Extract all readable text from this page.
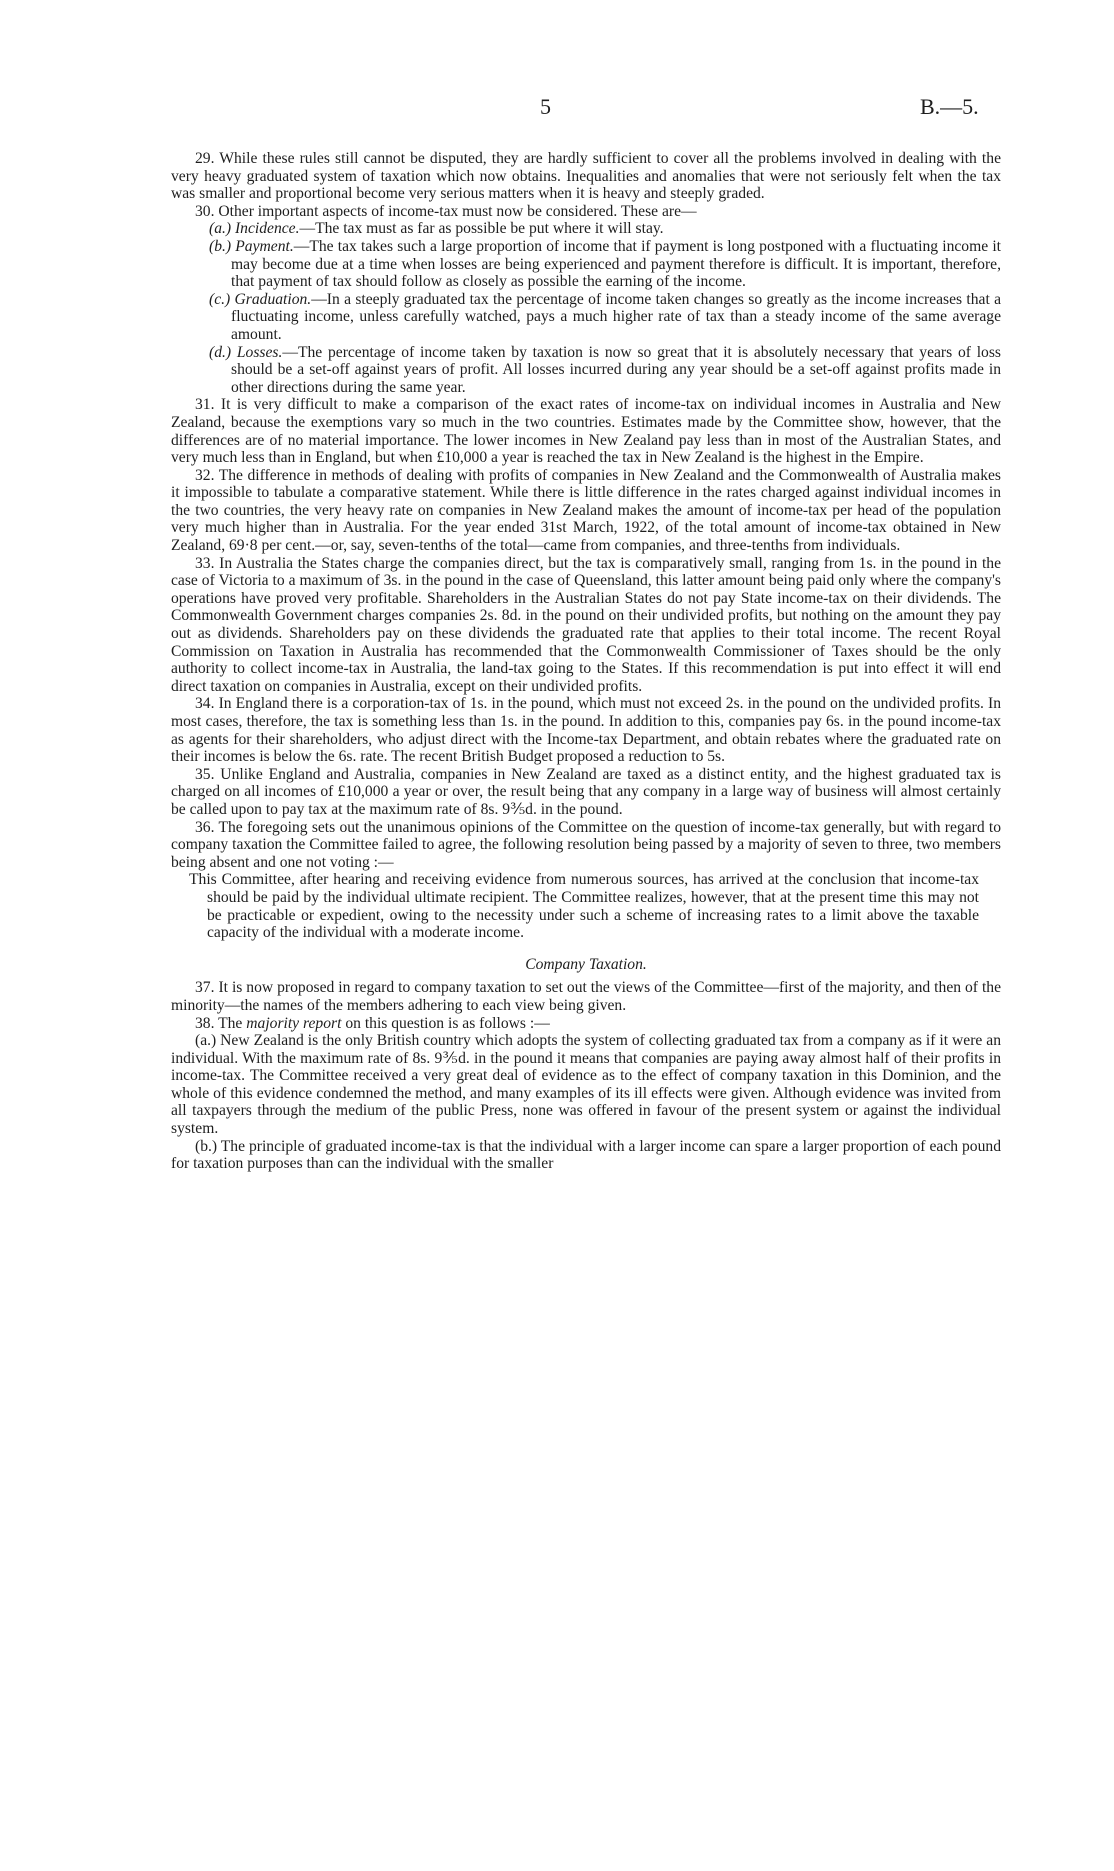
5	B.—5.

29. While these rules still cannot be disputed, they are hardly sufficient to cover all the problems involved in dealing with the very heavy graduated system of taxation which now obtains. Inequalities and anomalies that were not seriously felt when the tax was smaller and proportional become very serious matters when it is heavy and steeply graded.

30. Other important aspects of income-tax must now be considered. These are—

(a.) Incidence.—The tax must as far as possible be put where it will stay.

(b.) Payment.—The tax takes such a large proportion of income that if payment is long postponed with a fluctuating income it may become due at a time when losses are being experienced and payment therefore is difficult. It is important, therefore, that payment of tax should follow as closely as possible the earning of the income.

(c.) Graduation.—In a steeply graduated tax the percentage of income taken changes so greatly as the income increases that a fluctuating income, unless carefully watched, pays a much higher rate of tax than a steady income of the same average amount.

(d.) Losses.—The percentage of income taken by taxation is now so great that it is absolutely necessary that years of loss should be a set-off against years of profit. All losses incurred during any year should be a set-off against profits made in other directions during the same year.

31. It is very difficult to make a comparison of the exact rates of income-tax on individual incomes in Australia and New Zealand, because the exemptions vary so much in the two countries. Estimates made by the Committee show, however, that the differences are of no material importance. The lower incomes in New Zealand pay less than in most of the Australian States, and very much less than in England, but when £10,000 a year is reached the tax in New Zealand is the highest in the Empire.

32. The difference in methods of dealing with profits of companies in New Zealand and the Commonwealth of Australia makes it impossible to tabulate a comparative statement. While there is little difference in the rates charged against individual incomes in the two countries, the very heavy rate on companies in New Zealand makes the amount of income-tax per head of the population very much higher than in Australia. For the year ended 31st March, 1922, of the total amount of income-tax obtained in New Zealand, 69·8 per cent.—or, say, seven-tenths of the total—came from companies, and three-tenths from individuals.

33. In Australia the States charge the companies direct, but the tax is comparatively small, ranging from 1s. in the pound in the case of Victoria to a maximum of 3s. in the pound in the case of Queensland, this latter amount being paid only where the company's operations have proved very profitable. Shareholders in the Australian States do not pay State income-tax on their dividends. The Commonwealth Government charges companies 2s. 8d. in the pound on their undivided profits, but nothing on the amount they pay out as dividends. Shareholders pay on these dividends the graduated rate that applies to their total income. The recent Royal Commission on Taxation in Australia has recommended that the Commonwealth Commissioner of Taxes should be the only authority to collect income-tax in Australia, the land-tax going to the States. If this recommendation is put into effect it will end direct taxation on companies in Australia, except on their undivided profits.

34. In England there is a corporation-tax of 1s. in the pound, which must not exceed 2s. in the pound on the undivided profits. In most cases, therefore, the tax is something less than 1s. in the pound. In addition to this, companies pay 6s. in the pound income-tax as agents for their shareholders, who adjust direct with the Income-tax Department, and obtain rebates where the graduated rate on their incomes is below the 6s. rate. The recent British Budget proposed a reduction to 5s.

35. Unlike England and Australia, companies in New Zealand are taxed as a distinct entity, and the highest graduated tax is charged on all incomes of £10,000 a year or over, the result being that any company in a large way of business will almost certainly be called upon to pay tax at the maximum rate of 8s. 9⅗d. in the pound.

36. The foregoing sets out the unanimous opinions of the Committee on the question of income-tax generally, but with regard to company taxation the Committee failed to agree, the following resolution being passed by a majority of seven to three, two members being absent and one not voting :—

This Committee, after hearing and receiving evidence from numerous sources, has arrived at the conclusion that income-tax should be paid by the individual ultimate recipient. The Committee realizes, however, that at the present time this may not be practicable or expedient, owing to the necessity under such a scheme of increasing rates to a limit above the taxable capacity of the individual with a moderate income.

Company Taxation.

37. It is now proposed in regard to company taxation to set out the views of the Committee—first of the majority, and then of the minority—the names of the members adhering to each view being given.

38. The majority report on this question is as follows :—

(a.) New Zealand is the only British country which adopts the system of collecting graduated tax from a company as if it were an individual. With the maximum rate of 8s. 9⅗d. in the pound it means that companies are paying away almost half of their profits in income-tax. The Committee received a very great deal of evidence as to the effect of company taxation in this Dominion, and the whole of this evidence condemned the method, and many examples of its ill effects were given. Although evidence was invited from all taxpayers through the medium of the public Press, none was offered in favour of the present system or against the individual system.

(b.) The principle of graduated income-tax is that the individual with a larger income can spare a larger proportion of each pound for taxation purposes than can the individual with the smaller
